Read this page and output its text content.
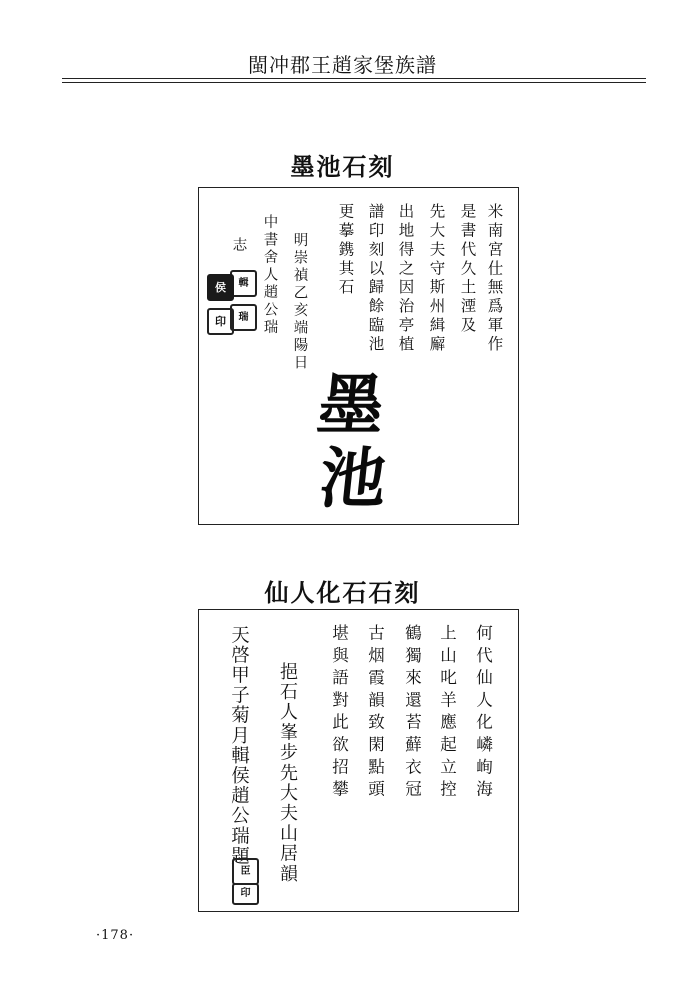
閩冲郡王趙家堡族譜
墨池石刻
米南宮仕無爲軍作
是書代久土湮及
先大夫守斯州緝廨
出地得之因治亭植
譜印刻以歸餘臨池
更摹鎸其石
明崇禎乙亥端陽日
中書舍人趙公瑞
志
輯
侯
瑞
印
墨
池
仙人化石石刻
何代仙人化嶙峋海
上山叱羊應起立控
鶴獨來還苔蘚衣冠
古烟霞韻致閑點頭
堪與語對此欲招攀
挹石人峯步先大夫山居韻
天啓甲子菊月輯侯趙公瑞題
臣
印
·178·
